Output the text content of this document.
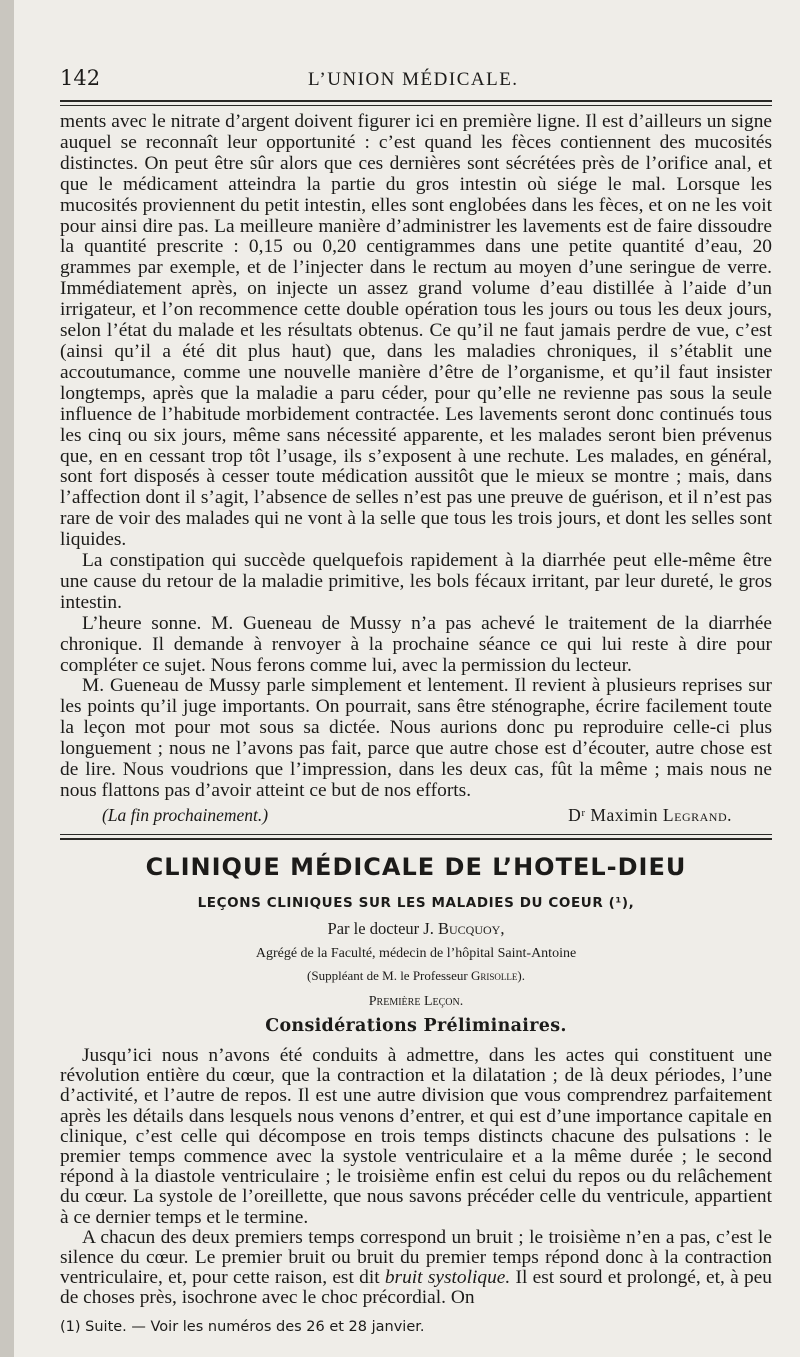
142	L’UNION MÉDICALE.

ments avec le nitrate d’argent doivent figurer ici en première ligne. Il est d’ailleurs un signe auquel se reconnaît leur opportunité : c’est quand les fèces contiennent des mucosités distinctes. On peut être sûr alors que ces dernières sont sécrétées près de l’orifice anal, et que le médicament atteindra la partie du gros intestin où siége le mal. Lorsque les mucosités proviennent du petit intestin, elles sont englobées dans les fèces, et on ne les voit pour ainsi dire pas. La meilleure manière d’administrer les lavements est de faire dissoudre la quantité prescrite : 0,15 ou 0,20 centigrammes dans une petite quantité d’eau, 20 grammes par exemple, et de l’injecter dans le rectum au moyen d’une seringue de verre. Immédiatement après, on injecte un assez grand volume d’eau distillée à l’aide d’un irrigateur, et l’on recommence cette double opération tous les jours ou tous les deux jours, selon l’état du malade et les résultats obtenus. Ce qu’il ne faut jamais perdre de vue, c’est (ainsi qu’il a été dit plus haut) que, dans les maladies chroniques, il s’établit une accoutumance, comme une nouvelle manière d’être de l’organisme, et qu’il faut insister longtemps, après que la maladie a paru céder, pour qu’elle ne revienne pas sous la seule influence de l’habitude morbidement contractée. Les lavements seront donc continués tous les cinq ou six jours, même sans nécessité apparente, et les malades seront bien prévenus que, en en cessant trop tôt l’usage, ils s’exposent à une rechute. Les malades, en général, sont fort disposés à cesser toute médication aussitôt que le mieux se montre ; mais, dans l’affection dont il s’agit, l’absence de selles n’est pas une preuve de guérison, et il n’est pas rare de voir des malades qui ne vont à la selle que tous les trois jours, et dont les selles sont liquides.

La constipation qui succède quelquefois rapidement à la diarrhée peut elle-même être une cause du retour de la maladie primitive, les bols fécaux irritant, par leur dureté, le gros intestin.

L’heure sonne. M. Gueneau de Mussy n’a pas achevé le traitement de la diarrhée chronique. Il demande à renvoyer à la prochaine séance ce qui lui reste à dire pour compléter ce sujet. Nous ferons comme lui, avec la permission du lecteur.

M. Gueneau de Mussy parle simplement et lentement. Il revient à plusieurs reprises sur les points qu’il juge importants. On pourrait, sans être sténographe, écrire facilement toute la leçon mot pour mot sous sa dictée. Nous aurions donc pu reproduire celle-ci plus longuement ; nous ne l’avons pas fait, parce que autre chose est d’écouter, autre chose est de lire. Nous voudrions que l’impression, dans les deux cas, fût la même ; mais nous ne nous flattons pas d’avoir atteint ce but de nos efforts.

(La fin prochainement.)	Dʳ Maximin Legrand.
CLINIQUE MÉDICALE DE L’HOTEL-DIEU
LEÇONS CLINIQUES SUR LES MALADIES DU COEUR (¹),
Par le docteur J. Bucquoy,
Agrégé de la Faculté, médecin de l’hôpital Saint-Antoine
(Suppléant de M. le Professeur Grisolle).
Première Leçon.
Considérations Préliminaires.

Jusqu’ici nous n’avons été conduits à admettre, dans les actes qui constituent une révolution entière du cœur, que la contraction et la dilatation ; de là deux périodes, l’une d’activité, et l’autre de repos. Il est une autre division que vous comprendrez parfaitement après les détails dans lesquels nous venons d’entrer, et qui est d’une importance capitale en clinique, c’est celle qui décompose en trois temps distincts chacune des pulsations : le premier temps commence avec la systole ventriculaire et a la même durée ; le second répond à la diastole ventriculaire ; le troisième enfin est celui du repos ou du relâchement du cœur. La systole de l’oreillette, que nous savons précéder celle du ventricule, appartient à ce dernier temps et le termine.

A chacun des deux premiers temps correspond un bruit ; le troisième n’en a pas, c’est le silence du cœur. Le premier bruit ou bruit du premier temps répond donc à la contraction ventriculaire, et, pour cette raison, est dit bruit systolique. Il est sourd et prolongé, et, à peu de choses près, isochrone avec le choc précordial. On

(1) Suite. — Voir les numéros des 26 et 28 janvier.
